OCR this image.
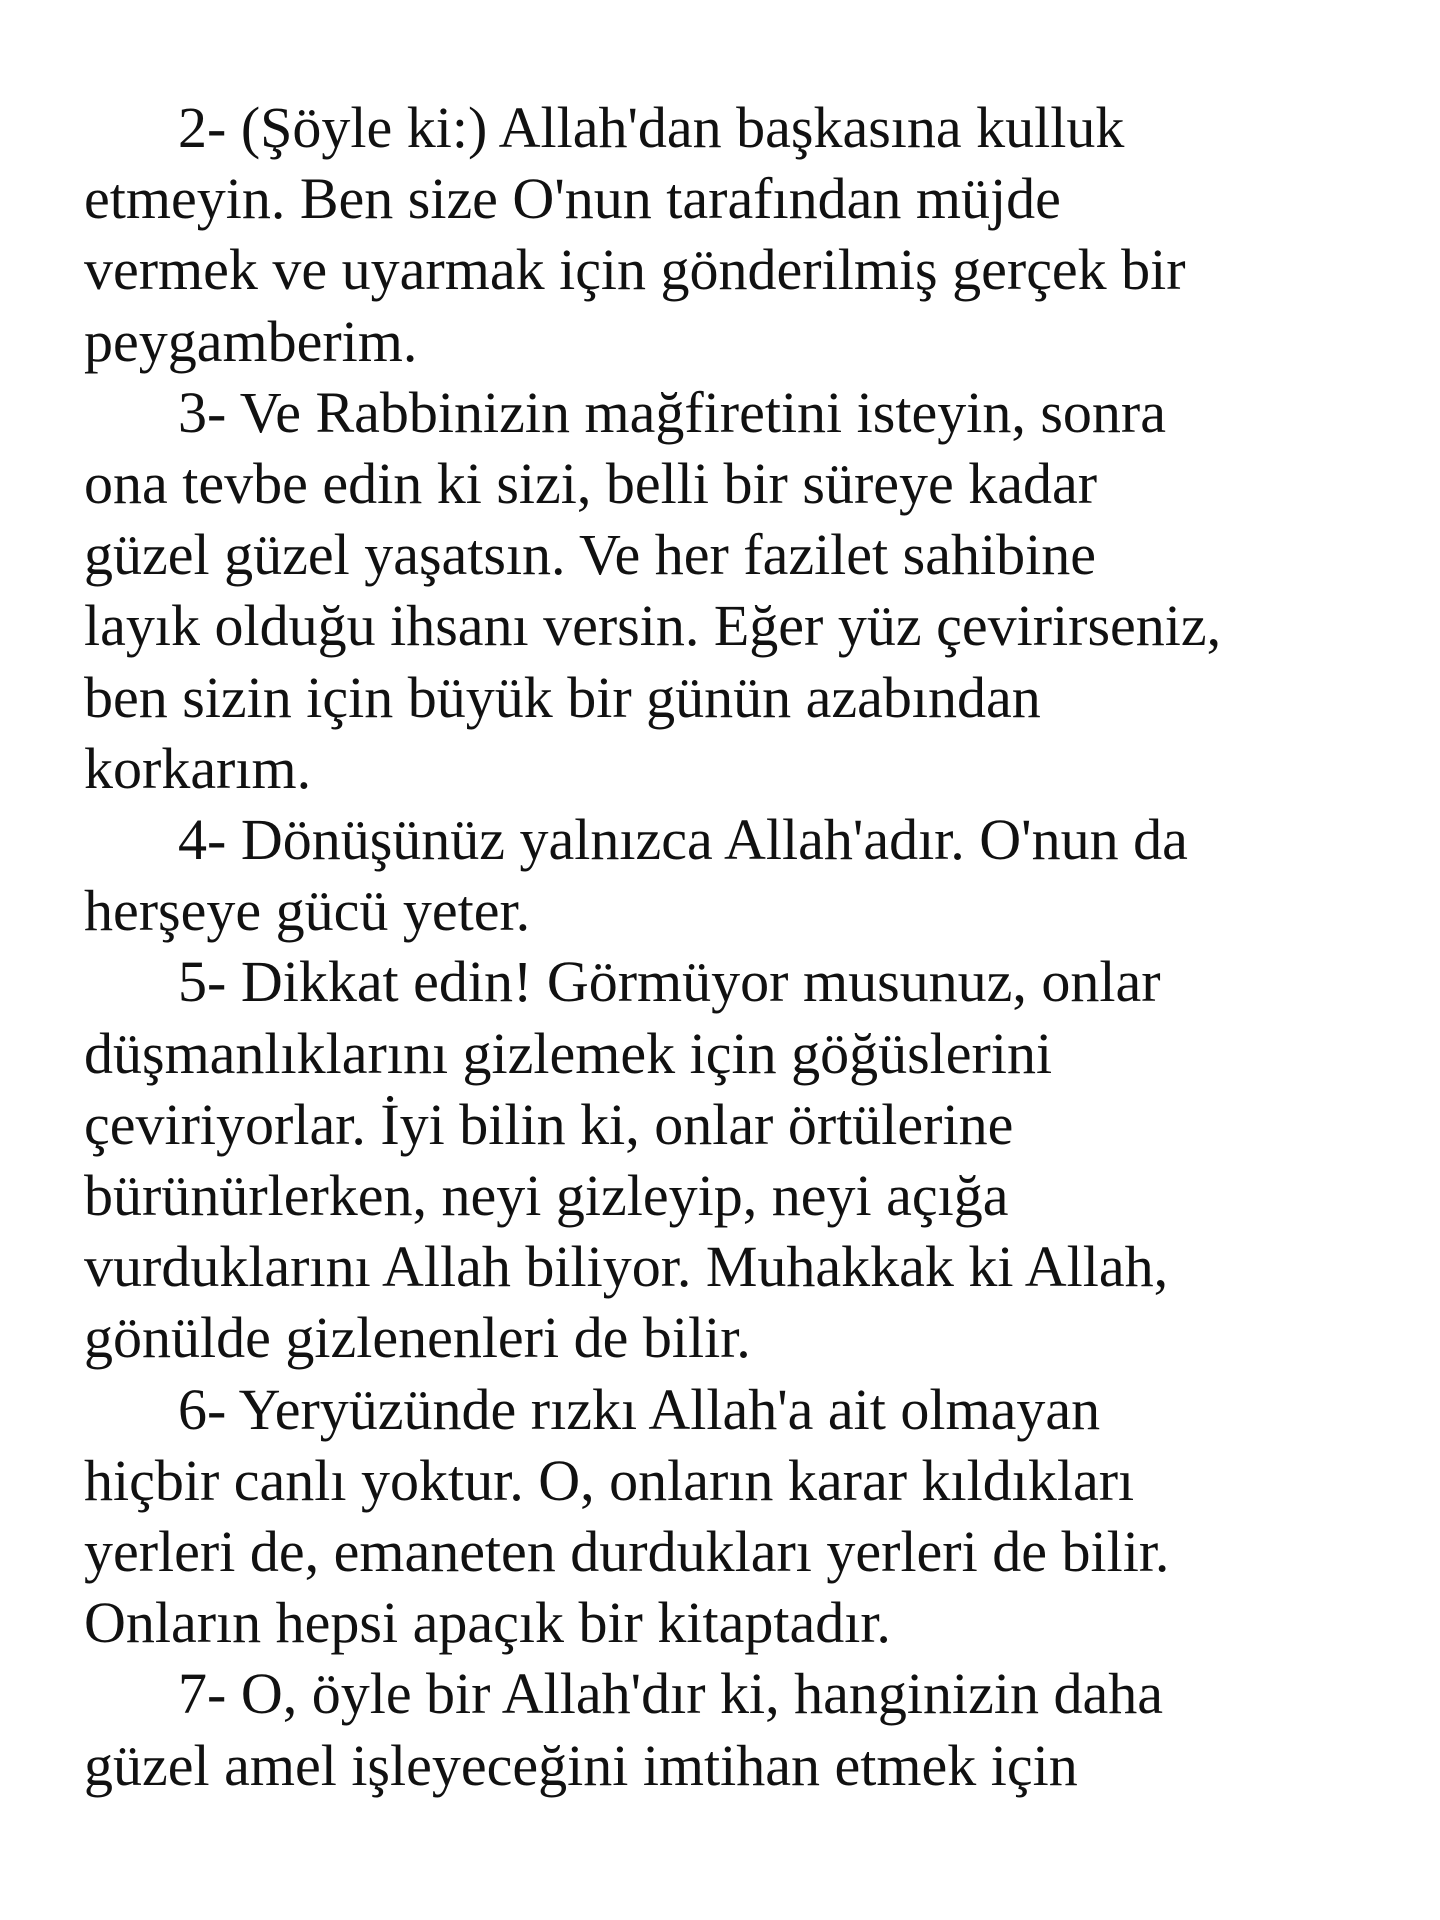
2- (Şöyle ki:) Allah'dan başkasına kulluk
etmeyin. Ben size O'nun tarafından müjde
vermek ve uyarmak için gönderilmiş gerçek bir
peygamberim.
3- Ve Rabbinizin mağfiretini isteyin, sonra
ona tevbe edin ki sizi, belli bir süreye kadar
güzel güzel yaşatsın. Ve her fazilet sahibine
layık olduğu ihsanı versin. Eğer yüz çevirirseniz,
ben sizin için büyük bir günün azabından
korkarım.
4- Dönüşünüz yalnızca Allah'adır. O'nun da
herşeye gücü yeter.
5- Dikkat edin! Görmüyor musunuz, onlar
düşmanlıklarını gizlemek için göğüslerini
çeviriyorlar. İyi bilin ki, onlar örtülerine
bürünürlerken, neyi gizleyip, neyi açığa
vurduklarını Allah biliyor. Muhakkak ki Allah,
gönülde gizlenenleri de bilir.
6- Yeryüzünde rızkı Allah'a ait olmayan
hiçbir canlı yoktur. O, onların karar kıldıkları
yerleri de, emaneten durdukları yerleri de bilir.
Onların hepsi apaçık bir kitaptadır.
7- O, öyle bir Allah'dır ki, hanginizin daha
güzel amel işleyeceğini imtihan etmek için
